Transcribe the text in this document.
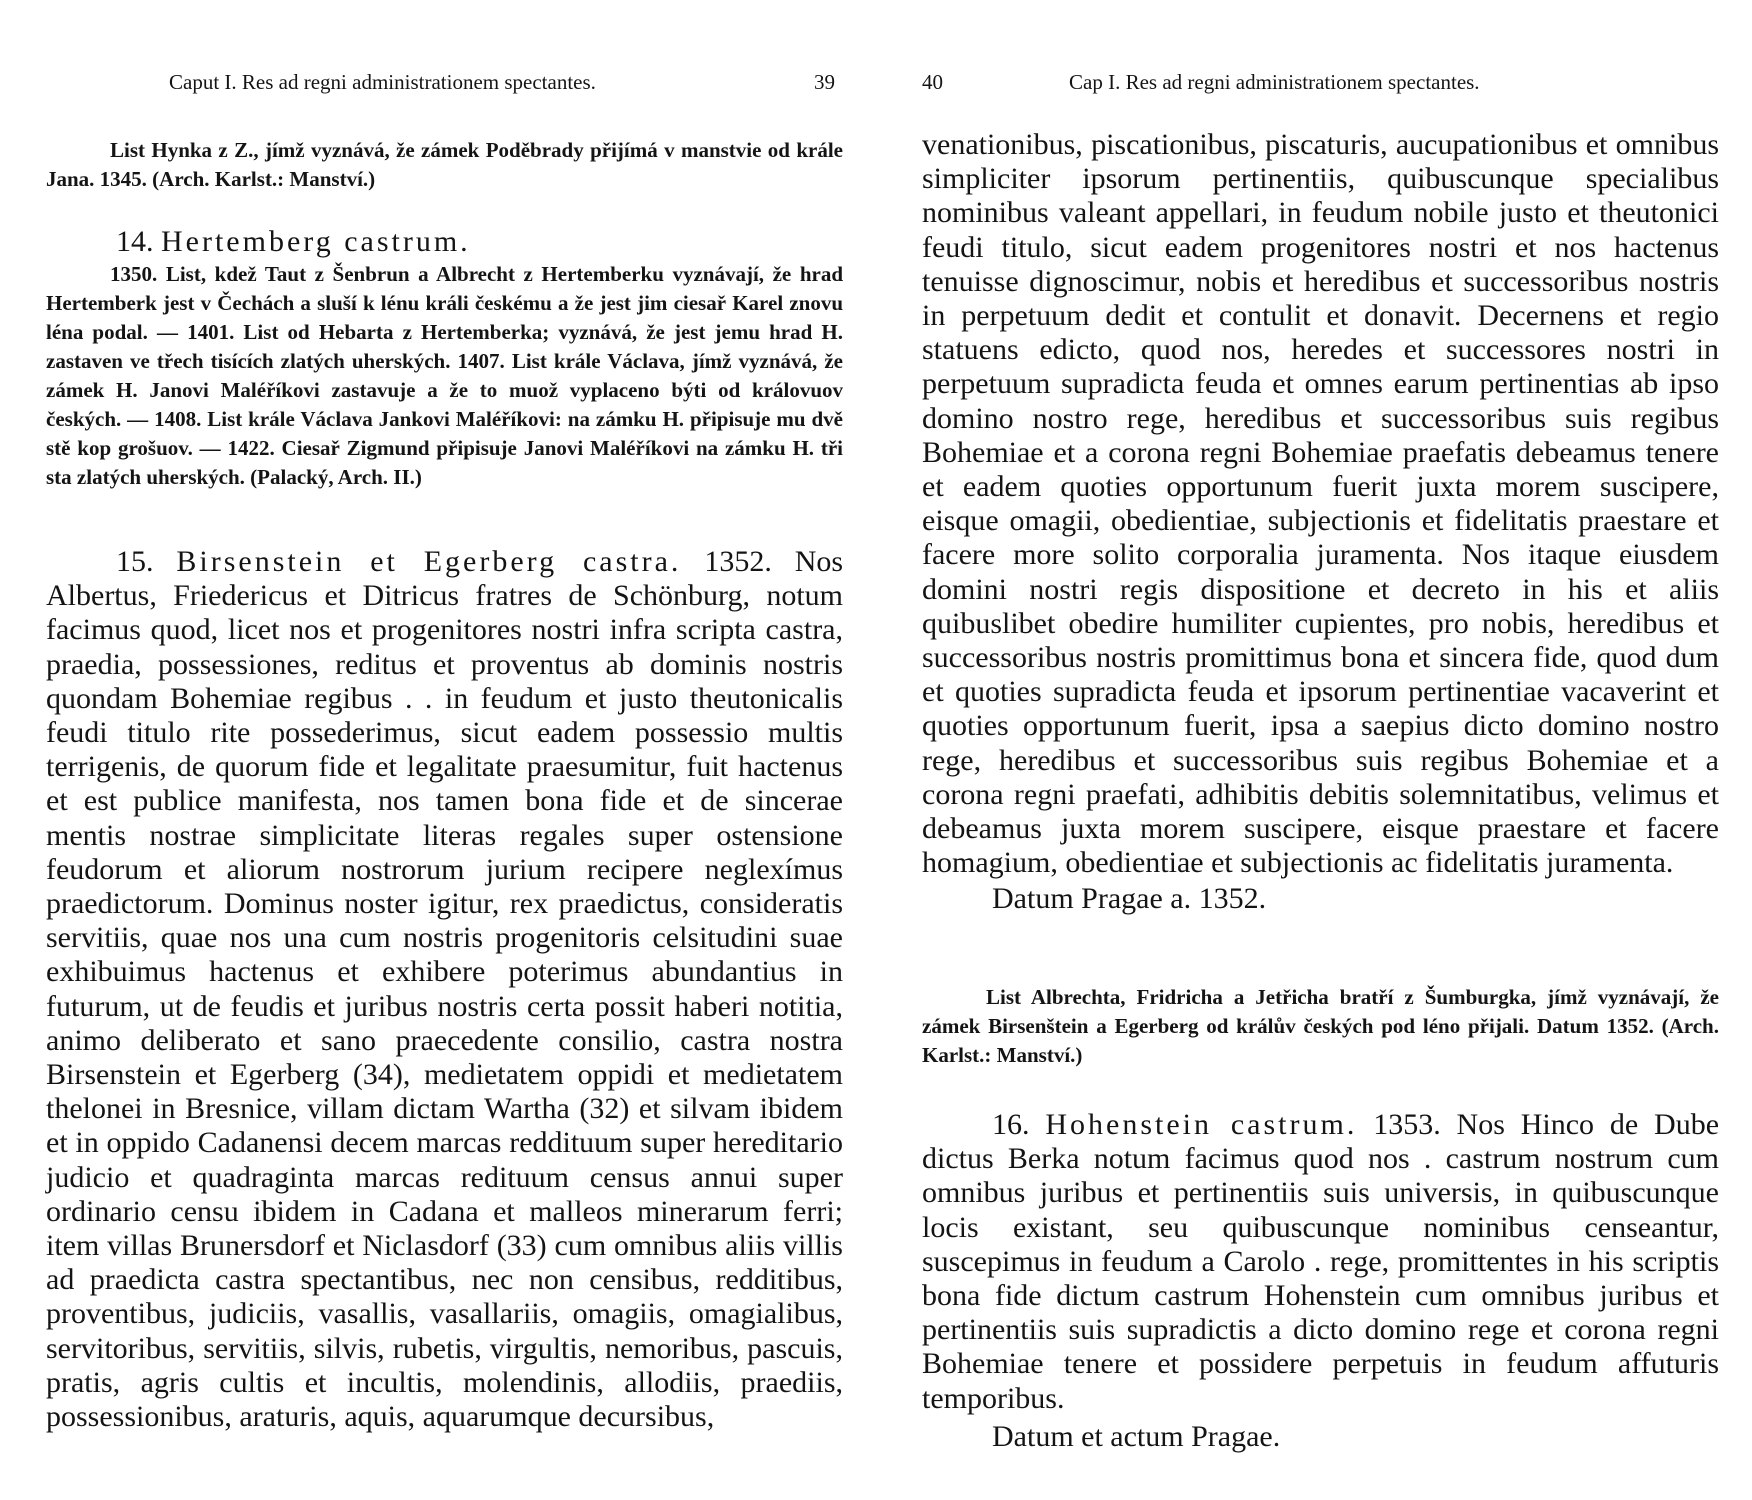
Caput I. Res ad regni administrationem spectantes.	39

List Hynka z Z., jímž vyznává, že zámek Poděbrady přijímá v manstvie od krále Jana. 1345. (Arch. Karlst.: Manství.)

14. Hertemberg castrum.

1350. List, kdež Taut z Šenbrun a Albrecht z Hertemberku vyznávají, že hrad Hertemberk jest v Čechách a sluší k lénu králi českému a že jest jim ciesař Karel znovu léna podal. — 1401. List od Hebarta z Hertemberka; vyznává, že jest jemu hrad H. zastaven ve třech tisících zlatých uherských. 1407. List krále Václava, jímž vyznává, že zámek H. Janovi Maléříkovi zastavuje a že to muož vyplaceno býti od královuov českých. — 1408. List krále Václava Jankovi Maléříkovi: na zámku H. připisuje mu dvě stě kop grošuov. — 1422. Ciesař Zigmund připisuje Janovi Maléříkovi na zámku H. tři sta zlatých uherských. (Palacký, Arch. II.)

15. Birsenstein et Egerberg castra. 1352. Nos Albertus, Friedericus et Ditricus fratres de Schönburg, notum facimus quod, licet nos et progenitores nostri infra scripta castra, praedia, possessiones, reditus et proventus ab dominis nostris quondam Bohemiae regibus . . in feudum et justo theutonicalis feudi titulo rite possederimus, sicut eadem possessio multis terrigenis, de quorum fide et legalitate praesumitur, fuit hactenus et est publice manifesta, nos tamen bona fide et de sincerae mentis nostrae simplicitate literas regales super ostensione feudorum et aliorum nostrorum jurium recipere neglexímus praedictorum. Dominus noster igitur, rex praedictus, consideratis servitiis, quae nos una cum nostris progenitoris celsitudini suae exhibuimus hactenus et exhibere poterimus abundantius in futurum, ut de feudis et juribus nostris certa possit haberi notitia, animo deliberato et sano praecedente consilio, castra nostra Birsenstein et Egerberg (34), medietatem oppidi et medietatem thelonei in Bresnice, villam dictam Wartha (32) et silvam ibidem et in oppido Cadanensi decem marcas reddituum super hereditario judicio et quadraginta marcas redituum census annui super ordinario censu ibidem in Cadana et malleos minerarum ferri; item villas Brunersdorf et Niclasdorf (33) cum omnibus aliis villis ad praedicta castra spectantibus, nec non censibus, redditibus, proventibus, judiciis, vasallis, vasallariis, omagiis, omagialibus, servitoribus, servitiis, silvis, rubetis, virgultis, nemoribus, pascuis, pratis, agris cultis et incultis, molendinis, allodiis, praediis, possessionibus, araturis, aquis, aquarumque decursibus,

40	Cap I. Res ad regni administrationem spectantes.

venationibus, piscationibus, piscaturis, aucupationibus et omnibus simpliciter ipsorum pertinentiis, quibuscunque specialibus nominibus valeant appellari, in feudum nobile justo et theutonici feudi titulo, sicut eadem progenitores nostri et nos hactenus tenuisse dignoscimur, nobis et heredibus et successoribus nostris in perpetuum dedit et contulit et donavit. Decernens et regio statuens edicto, quod nos, heredes et successores nostri in perpetuum supradicta feuda et omnes earum pertinentias ab ipso domino nostro rege, heredibus et successoribus suis regibus Bohemiae et a corona regni Bohemiae praefatis debeamus tenere et eadem quoties opportunum fuerit juxta morem suscipere, eisque omagii, obedientiae, subjectionis et fidelitatis praestare et facere more solito corporalia juramenta. Nos itaque eiusdem domini nostri regis dispositione et decreto in his et aliis quibuslibet obedire humiliter cupientes, pro nobis, heredibus et successoribus nostris promittimus bona et sincera fide, quod dum et quoties supradicta feuda et ipsorum pertinentiae vacaverint et quoties opportunum fuerit, ipsa a saepius dicto domino nostro rege, heredibus et successoribus suis regibus Bohemiae et a corona regni praefati, adhibitis debitis solemnitatibus, velimus et debeamus juxta morem suscipere, eisque praestare et facere homagium, obedientiae et subjectionis ac fidelitatis juramenta.

Datum Pragae a. 1352.

List Albrechta, Fridricha a Jetřicha bratří z Šumburgka, jímž vyznávají, že zámek Birsenštein a Egerberg od králův českých pod léno přijali. Datum 1352. (Arch. Karlst.: Manství.)

16. Hohenstein castrum. 1353. Nos Hinco de Dube dictus Berka notum facimus quod nos . castrum nostrum cum omnibus juribus et pertinentiis suis universis, in quibuscunque locis existant, seu quibuscunque nominibus censeantur, suscepimus in feudum a Carolo . rege, promittentes in his scriptis bona fide dictum castrum Hohenstein cum omnibus juribus et pertinentiis suis supradictis a dicto domino rege et corona regni Bohemiae tenere et possidere perpetuis in feudum affuturis temporibus.

Datum et actum Pragae.
